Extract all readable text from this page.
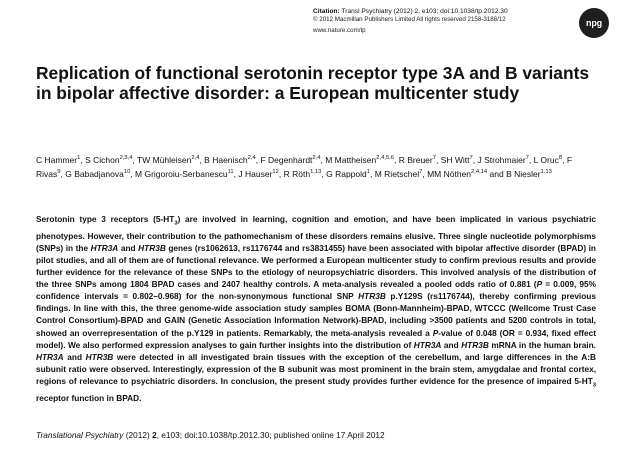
Citation: Transl Psychiatry (2012) 2, e103; doi:10.1038/tp.2012.30
© 2012 Macmillan Publishers Limited All rights reserved 2158-3188/12
www.nature.com/tp
npg
Replication of functional serotonin receptor type 3A and B variants in bipolar affective disorder: a European multicenter study
C Hammer$^1$, S Cichon$^{2,3,4}$, TW Mühleisen$^{2,4}$, B Haenisch$^{2,4}$, F Degenhardt$^{2,4}$, M Mattheisen$^{2,4,5,6}$, R Breuer$^7$, SH Witt$^7$, J Strohmaier$^7$, L Oruc$^8$, F Rivas$^9$, G Babadjanova$^{10}$, M Grigoroiu-Serbanescu$^{11}$, J Hauser$^{12}$, R Röth$^{1,13}$, G Rappold$^1$, M Rietschel$^7$, MM Nöthen$^{2,4,14}$ and B Niesler$^{1,13}$
Serotonin type 3 receptors $(5-HT_3)$ are involved in learning, cognition and emotion, and have been implicated in various psychiatric phenotypes. However, their contribution to the pathomechanism of these disorders remains elusive. Three single nucleotide polymorphisms (SNPs) in the HTR3A and HTR3B genes (rs1062613, rs1176744 and rs3831455) have been associated with bipolar affective disorder (BPAD) in pilot studies, and all of them are of functional relevance. We performed a European multicenter study to confirm previous results and provide further evidence for the relevance of these SNPs to the etiology of neuropsychiatric disorders. This involved analysis of the distribution of the three SNPs among 1804 BPAD cases and 2407 healthy controls. A meta-analysis revealed a pooled odds ratio of 0.881 (P = 0.009, 95% confidence intervals = 0.802–0.968) for the non-synonymous functional SNP HTR3B p.Y129S (rs1176744), thereby confirming previous findings. In line with this, the three genome-wide association study samples BOMA (Bonn-Mannheim)-BPAD, WTCCC (Wellcome Trust Case Control Consortium)-BPAD and GAIN (Genetic Association Information Network)-BPAD, including >3500 patients and 5200 controls in total, showed an overrepresentation of the p.Y129 in patients. Remarkably, the meta-analysis revealed a P-value of 0.048 (OR = 0.934, fixed effect model). We also performed expression analyses to gain further insights into the distribution of HTR3A and HTR3B mRNA in the human brain. HTR3A and HTR3B were detected in all investigated brain tissues with the exception of the cerebellum, and large differences in the A:B subunit ratio were observed. Interestingly, expression of the B subunit was most prominent in the brain stem, amygdalae and frontal cortex, regions of relevance to psychiatric disorders. In conclusion, the present study provides further evidence for the presence of impaired $5-HT_3$ receptor function in BPAD.
Translational Psychiatry (2012) 2, e103; doi:10.1038/tp.2012.30; published online 17 April 2012
